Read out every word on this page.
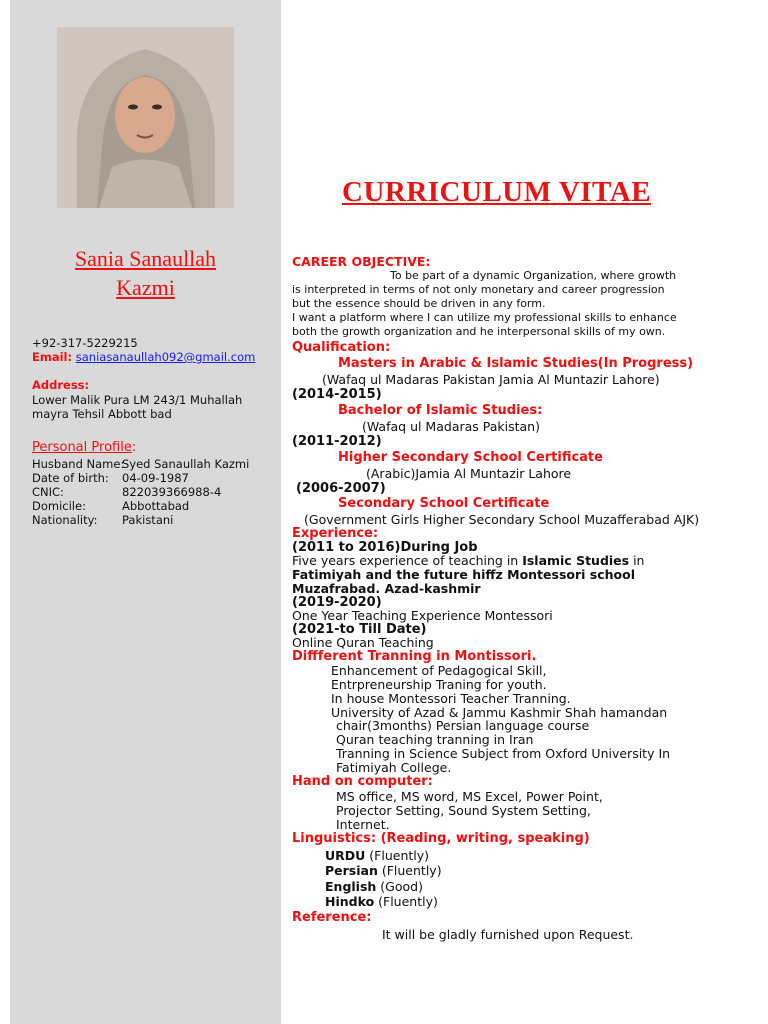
Sania Sanaullah
Kazmi
+92-317-5229215
Email: saniasanaullah092@gmail.com
Address:
Lower Malik Pura LM 243/1 Muhallah
mayra Tehsil Abbott bad
Personal Profile:
Husband Name:
Syed Sanaullah Kazmi
Date of birth: 04-09-1987
CNIC:	822039366988-4
Domicile:	Abbottabad
Nationality: Pakistani
CURRICULUM VITAE
CAREER OBJECTIVE:
To be part of a dynamic Organization, where growth
is interpreted in terms of not only monetary and career progression
but the essence should be driven in any form.
I want a platform where I can utilize my professional skills to enhance
both the growth organization and he interpersonal skills of my own.
Qualification:
Masters in Arabic & Islamic Studies(In Progress)
(Wafaq ul Madaras Pakistan Jamia Al Muntazir Lahore)
(2014-2015)
Bachelor of Islamic Studies:
(Wafaq ul Madaras Pakistan)
(2011-2012)
Higher Secondary School Certificate
(Arabic)Jamia Al Muntazir Lahore
(2006-2007)
Secondary School Certificate
(Government Girls Higher Secondary School Muzafferabad AJK)
Experience:
(2011 to 2016)During Job
Five years experience of teaching in Islamic Studies in
Fatimiyah and the future hiffz Montessori school
Muzafrabad. Azad-kashmir
(2019-2020)
One Year Teaching Experience Montessori
(2021-to Till Date)
Online Quran Teaching
Diffferent Tranning in Montissori.
Enhancement of Pedagogical Skill,
Entrpreneurship Traning for youth.
In house Montessori Teacher Tranning.
University of Azad & Jammu Kashmir Shah hamandan
chair(3months) Persian language course
Quran teaching tranning in Iran
Tranning in Science Subject from Oxford University In
Fatimiyah College.
Hand on computer:
MS office, MS word, MS Excel, Power Point,
Projector Setting, Sound System Setting,
Internet.
Linguistics: (Reading, writing, speaking)
URDU (Fluently)
Persian (Fluently)
English (Good)
Hindko (Fluently)
Reference:
It will be gladly furnished upon Request.
